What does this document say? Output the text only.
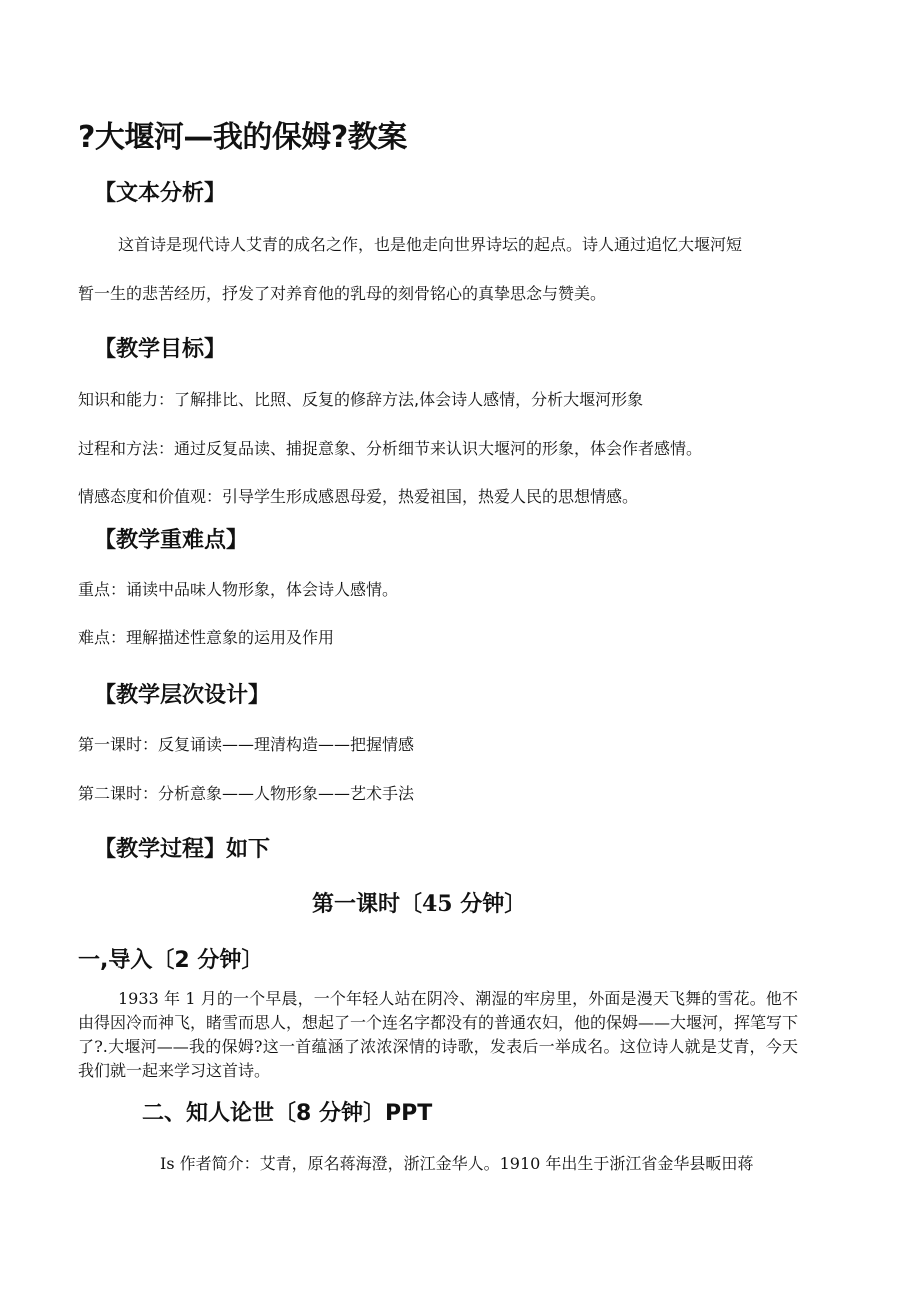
?大堰河—我的保姆?教案
【文本分析】

这首诗是现代诗人艾青的成名之作，也是他走向世界诗坛的起点。诗人通过追忆大堰河短

暂一生的悲苦经历，抒发了对养育他的乳母的刻骨铭心的真挚思念与赞美。

【教学目标】

知识和能力：了解排比、比照、反复的修辞方法,体会诗人感情，分析大堰河形象

过程和方法：通过反复品读、捕捉意象、分析细节来认识大堰河的形象，体会作者感情。

情感态度和价值观：引导学生形成感恩母爱，热爱祖国，热爱人民的思想情感。

【教学重难点】

重点：诵读中品味人物形象，体会诗人感情。

难点：理解描述性意象的运用及作用

【教学层次设计】

第一课时：反复诵读——理清构造——把握情感

第二课时：分析意象——人物形象——艺术手法

【教学过程】如下
第一课时〔45 分钟〕
一,导入〔2 分钟〕

1933 年 1 月的一个早晨，一个年轻人站在阴冷、潮湿的牢房里，外面是漫天飞舞的雪花。他不由得因冷而神飞，睹雪而思人，想起了一个连名字都没有的普通农妇，他的保姆——大堰河，挥笔写下了?.大堰河——我的保姆?这一首蕴涵了浓浓深情的诗歌，发表后一举成名。这位诗人就是艾青，今天我们就一起来学习这首诗。

二、知人论世〔8 分钟〕PPT

Is 作者简介：艾青，原名蒋海澄，浙江金华人。1910 年出生于浙江省金华县畈田蒋
